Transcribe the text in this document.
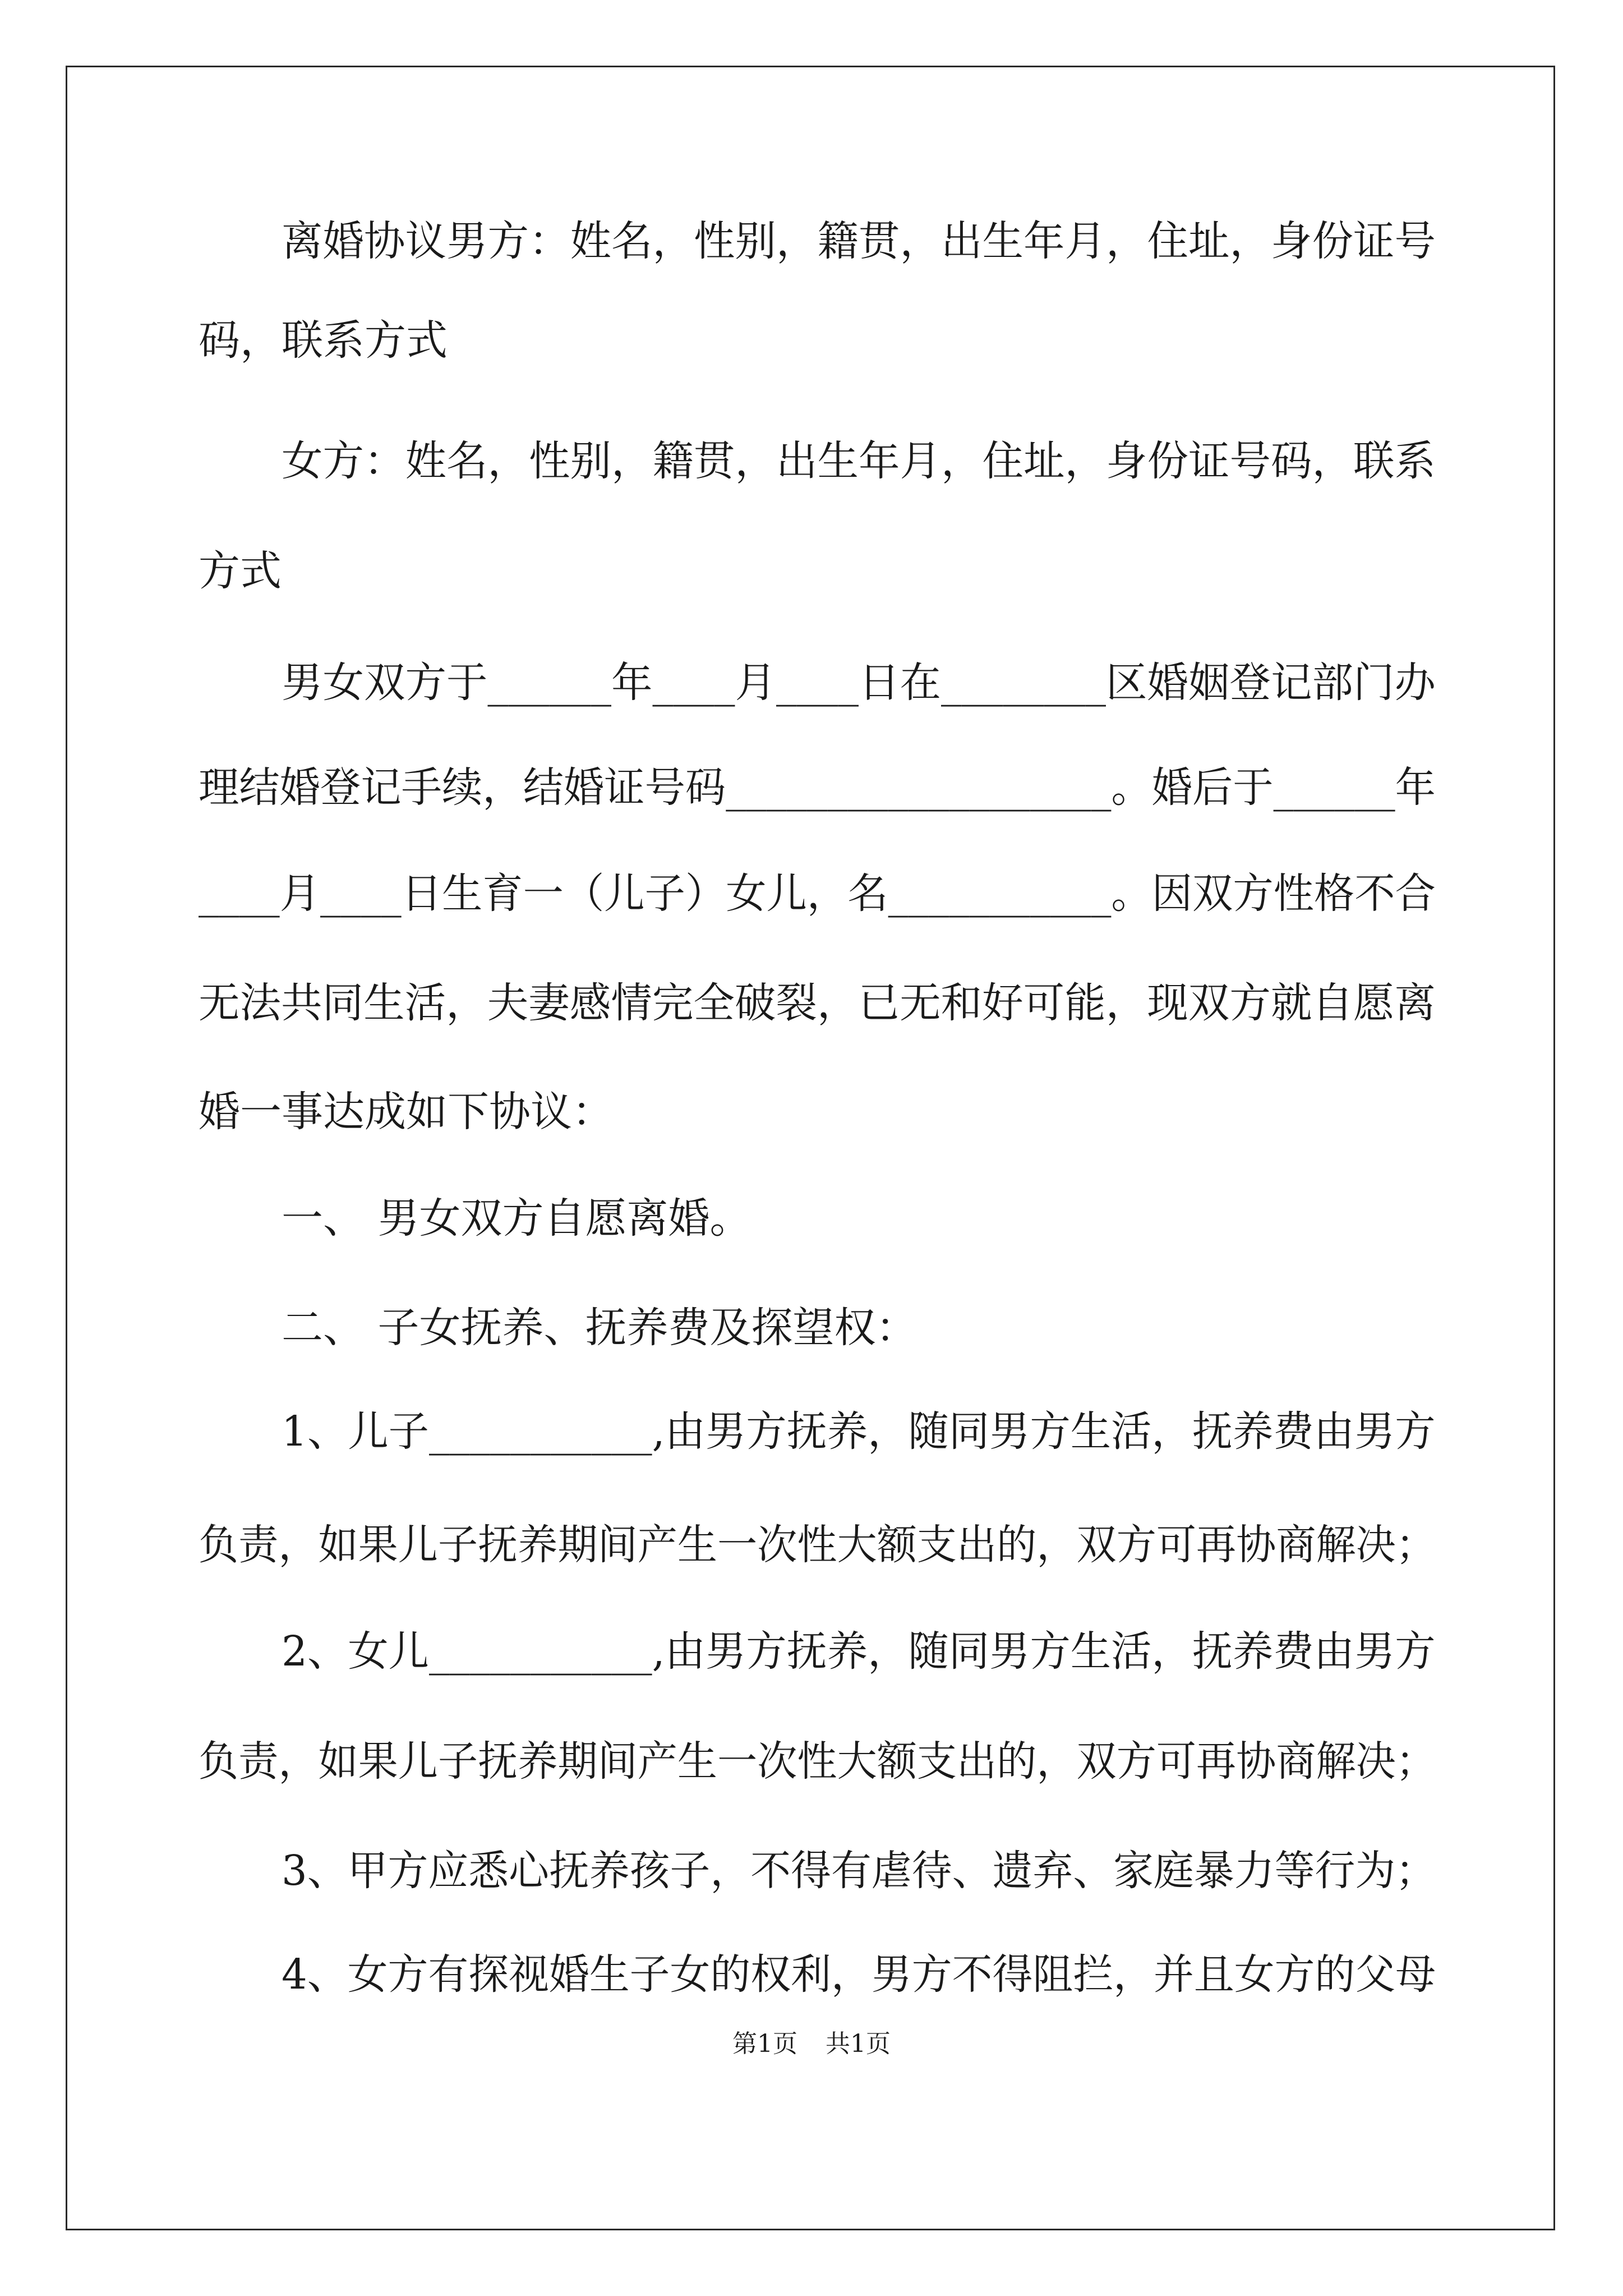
离婚协议男方：姓名，性别，籍贯，出生年月，住址，身份证号
码，联系方式
女方：姓名，性别，籍贯，出生年月，住址，身份证号码，联系
方式
男女双方于______年____月____日在________区婚姻登记部门办
理结婚登记手续，结婚证号码___________________。婚后于______年
____月____日生育一（儿子）女儿，名___________。因双方性格不合
无法共同生活，夫妻感情完全破裂，已无和好可能，现双方就自愿离
婚一事达成如下协议：
一、 男女双方自愿离婚。
二、 子女抚养、抚养费及探望权：
1、儿子___________,由男方抚养，随同男方生活，抚养费由男方
负责，如果儿子抚养期间产生一次性大额支出的，双方可再协商解决；
2、女儿___________,由男方抚养，随同男方生活，抚养费由男方
负责，如果儿子抚养期间产生一次性大额支出的，双方可再协商解决；
3、甲方应悉心抚养孩子，不得有虐待、遗弃、家庭暴力等行为；
4、女方有探视婚生子女的权利，男方不得阻拦，并且女方的父母
第1页 共1页
